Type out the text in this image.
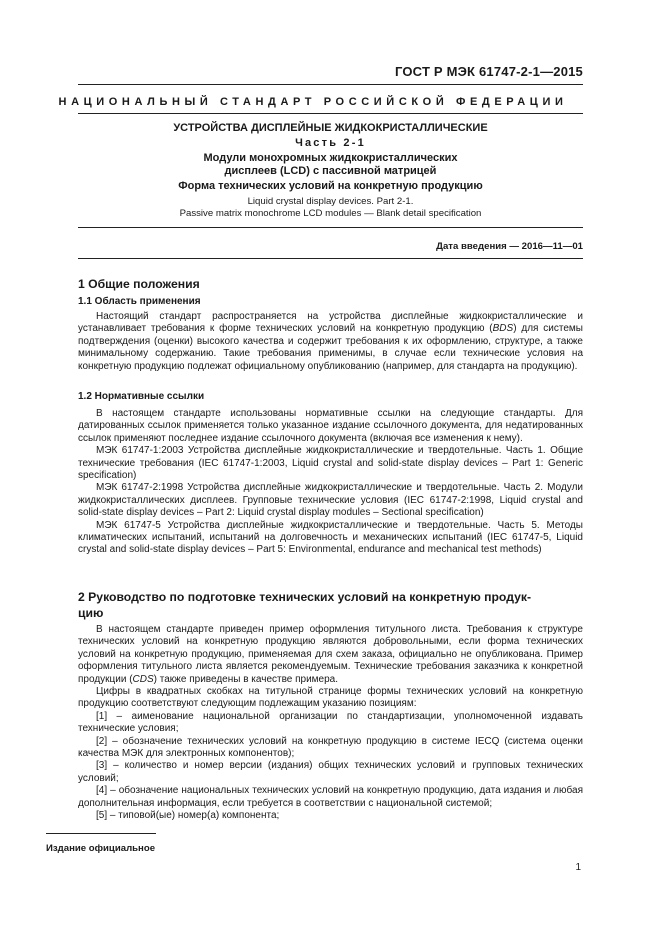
ГОСТ Р МЭК 61747-2-1—2015
НАЦИОНАЛЬНЫЙ СТАНДАРТ РОССИЙСКОЙ ФЕДЕРАЦИИ
УСТРОЙСТВА ДИСПЛЕЙНЫЕ ЖИДКОКРИСТАЛЛИЧЕСКИЕ
Часть 2-1
Модули монохромных жидкокристаллических
дисплеев (LCD) с пассивной матрицей
Форма технических условий на конкретную продукцию
Liquid crystal display devices. Part 2-1.
Passive matrix monochrome LCD modules — Blank detail specification
Дата введения — 2016—11—01
1 Общие положения
1.1 Область применения

Настоящий стандарт распространяется на устройства дисплейные жидкокристаллические и устанавливает требования к форме технических условий на конкретную продукцию (BDS) для системы подтверждения (оценки) высокого качества и содержит требования к их оформлению, структуре, а также минимальному содержанию. Такие требования применимы, в случае если технические условия на конкретную продукцию подлежат официальному опубликованию (например, для стандарта на продукцию).

1.2 Нормативные ссылки

В настоящем стандарте использованы нормативные ссылки на следующие стандарты. Для датированных ссылок применяется только указанное издание ссылочного документа, для недатированных ссылок применяют последнее издание ссылочного документа (включая все изменения к нему).

МЭК 61747-1:2003 Устройства дисплейные жидкокристаллические и твердотельные. Часть 1. Общие технические требования (IEC 61747-1:2003, Liquid crystal and solid-state display devices – Part 1: Generic specification)

МЭК 61747-2:1998 Устройства дисплейные жидкокристаллические и твердотельные. Часть 2. Модули жидкокристаллических дисплеев. Групповые технические условия (IEC 61747-2:1998, Liquid crystal and solid-state display devices – Part 2: Liquid crystal display modules – Sectional specification)

МЭК 61747-5 Устройства дисплейные жидкокристаллические и твердотельные. Часть 5. Методы климатических испытаний, испытаний на долговечность и механических испытаний (IEC 61747-5, Liquid crystal and solid-state display devices – Part 5: Environmental, endurance and mechanical test methods)

2 Руководство по подготовке технических условий на конкретную продук-
цию

В настоящем стандарте приведен пример оформления титульного листа. Требования к структуре технических условий на конкретную продукцию являются добровольными, если форма технических условий на конкретную продукцию, применяемая для схем заказа, официально не опубликована. Пример оформления титульного листа является рекомендуемым. Технические требования заказчика к конкретной продукции (CDS) также приведены в качестве примера.

Цифры в квадратных скобках на титульной странице формы технических условий на конкретную продукцию соответствуют следующим подлежащим указанию позициям:

[1] – аименование национальной организации по стандартизации, уполномоченной издавать технические условия;

[2] – обозначение технических условий на конкретную продукцию в системе IECQ (система оценки качества МЭК для электронных компонентов);

[3] – количество и номер версии (издания) общих технических условий и групповых технических условий;

[4] – обозначение национальных технических условий на конкретную продукцию, дата издания и любая дополнительная информация, если требуется в соответствии с национальной системой;

[5] – типовой(ые) номер(а) компонента;

Издание официальное
1
